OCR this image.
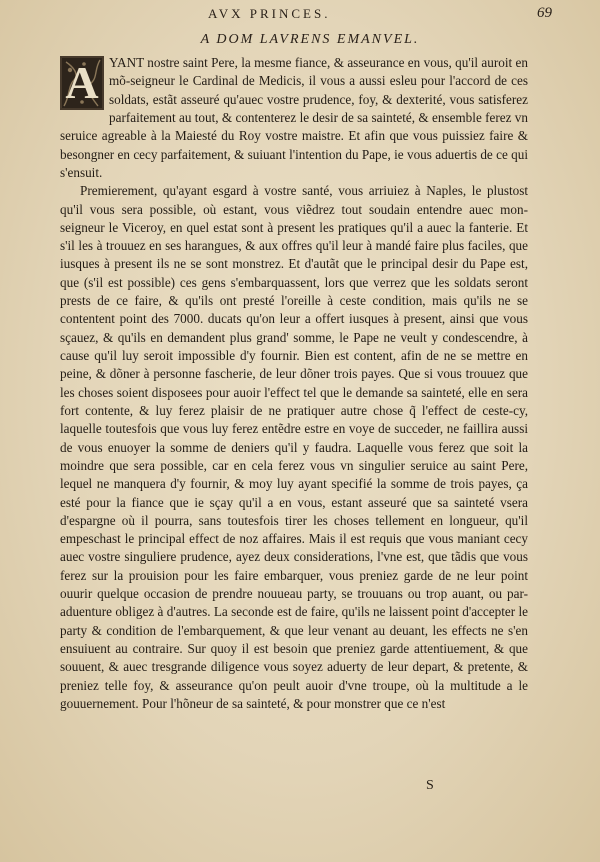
AVX PRINCES.	69
A DOM LAVRENS EMANVEL.

A YANT nostre saint Pere, la mesme fiance, & asseurance en vous, qu'il auroit en mõ-seigneur le Cardinal de Medicis, il vous a aussi esleu pour l'accord de ces soldats, estãt asseuré qu'auec vostre prudence, foy, & dexterité, vous satisferez parfaitement au tout, & contenterez le desir de sa sainteté, & ensemble ferez vn seruice agreable à la Maiesté du Roy vostre maistre. Et afin que vous puissiez faire & besongner en cecy parfaitement, & suiuant l'intention du Pape, ie vous aduertis de ce qui s'ensuit.

Premierement, qu'ayant esgard à vostre santé, vous arriuiez à Naples, le plustost qu'il vous sera possible, où estant, vous viẽdrez tout soudain entendre auec mon-seigneur le Viceroy, en quel estat sont à present les pratiques qu'il a auec la fanterie. Et s'il les à trouuez en ses harangues, & aux offres qu'il leur à mandé faire plus faciles, que iusques à present ils ne se sont monstrez. Et d'autãt que le principal desir du Pape est, que (s'il est possible) ces gens s'embarquassent, lors que verrez que les soldats seront prests de ce faire, & qu'ils ont presté l'oreille à ceste condition, mais qu'ils ne se contentent point des 7000. ducats qu'on leur a offert iusques à present, ainsi que vous sçauez, & qu'ils en demandent plus grand' somme, le Pape ne veult y condescendre, à cause qu'il luy seroit impossible d'y fournir. Bien est content, afin de ne se mettre en peine, & dõner à personne fascherie, de leur dõner trois payes. Que si vous trouuez que les choses soient disposees pour auoir l'effect tel que le demande sa sainteté, elle en sera fort contente, & luy ferez plaisir de ne pratiquer autre chose q̃ l'effect de ceste-cy, laquelle toutesfois que vous luy ferez entẽdre estre en voye de succeder, ne faillira aussi de vous enuoyer la somme de deniers qu'il y faudra. Laquelle vous ferez que soit la moindre que sera possible, car en cela ferez vous vn singulier seruice au saint Pere, lequel ne manquera d'y fournir, & moy luy ayant specifié la somme de trois payes, ça esté pour la fiance que ie sçay qu'il a en vous, estant asseuré que sa sainteté vsera d'espargne où il pourra, sans toutesfois tirer les choses tellement en longueur, qu'il empeschast le principal effect de noz affaires. Mais il est requis que vous maniant cecy auec vostre singuliere prudence, ayez deux considerations, l'vne est, que tãdis que vous ferez sur la prouision pour les faire embarquer, vous preniez garde de ne leur point ouurir quelque occasion de prendre nouueau party, se trouuans ou trop auant, ou par-aduenture obligez à d'autres. La seconde est de faire, qu'ils ne laissent point d'accepter le party & condition de l'embarquement, & que leur venant au deuant, les effects ne s'en ensuiuent au contraire. Sur quoy il est besoin que preniez garde attentiuement, & que souuent, & auec tresgrande diligence vous soyez aduerty de leur depart, & pretente, & preniez telle foy, & asseurance qu'on peult auoir d'vne troupe, où la multitude a le gouuernement. Pour l'hõneur de sa sainteté, & pour monstrer que ce n'est

S
